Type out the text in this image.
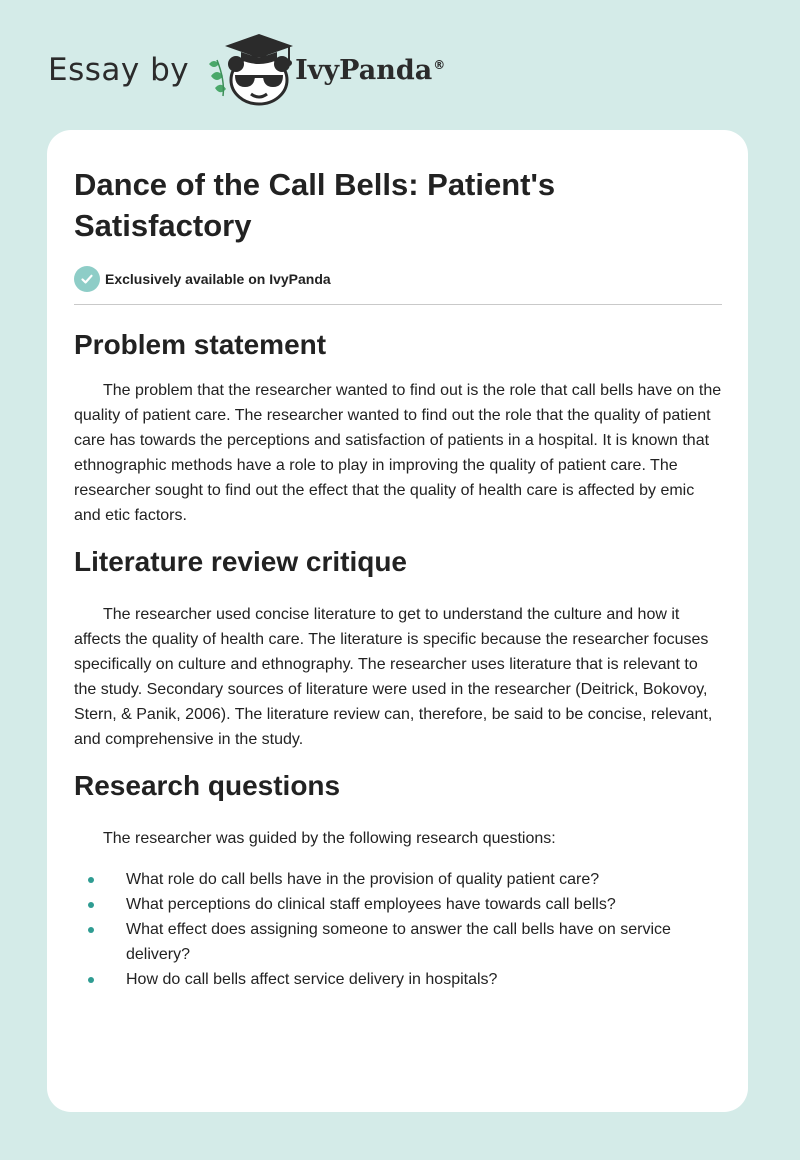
Essay by	IvyPanda®
Dance of the Call Bells: Patient's Satisfactory
Exclusively available on IvyPanda
Problem statement

The problem that the researcher wanted to find out is the role that call bells have on the quality of patient care. The researcher wanted to find out the role that the quality of patient care has towards the perceptions and satisfaction of patients in a hospital. It is known that ethnographic methods have a role to play in improving the quality of patient care. The researcher sought to find out the effect that the quality of health care is affected by emic and etic factors.

Literature review critique

The researcher used concise literature to get to understand the culture and how it affects the quality of health care. The literature is specific because the researcher focuses specifically on culture and ethnography. The researcher uses literature that is relevant to the study. Secondary sources of literature were used in the researcher (Deitrick, Bokovoy, Stern, & Panik, 2006). The literature review can, therefore, be said to be concise, relevant, and comprehensive in the study.

Research questions

The researcher was guided by the following research questions:

What role do call bells have in the provision of quality patient care?
What perceptions do clinical staff employees have towards call bells?
What effect does assigning someone to answer the call bells have on service delivery?
How do call bells affect service delivery in hospitals?
